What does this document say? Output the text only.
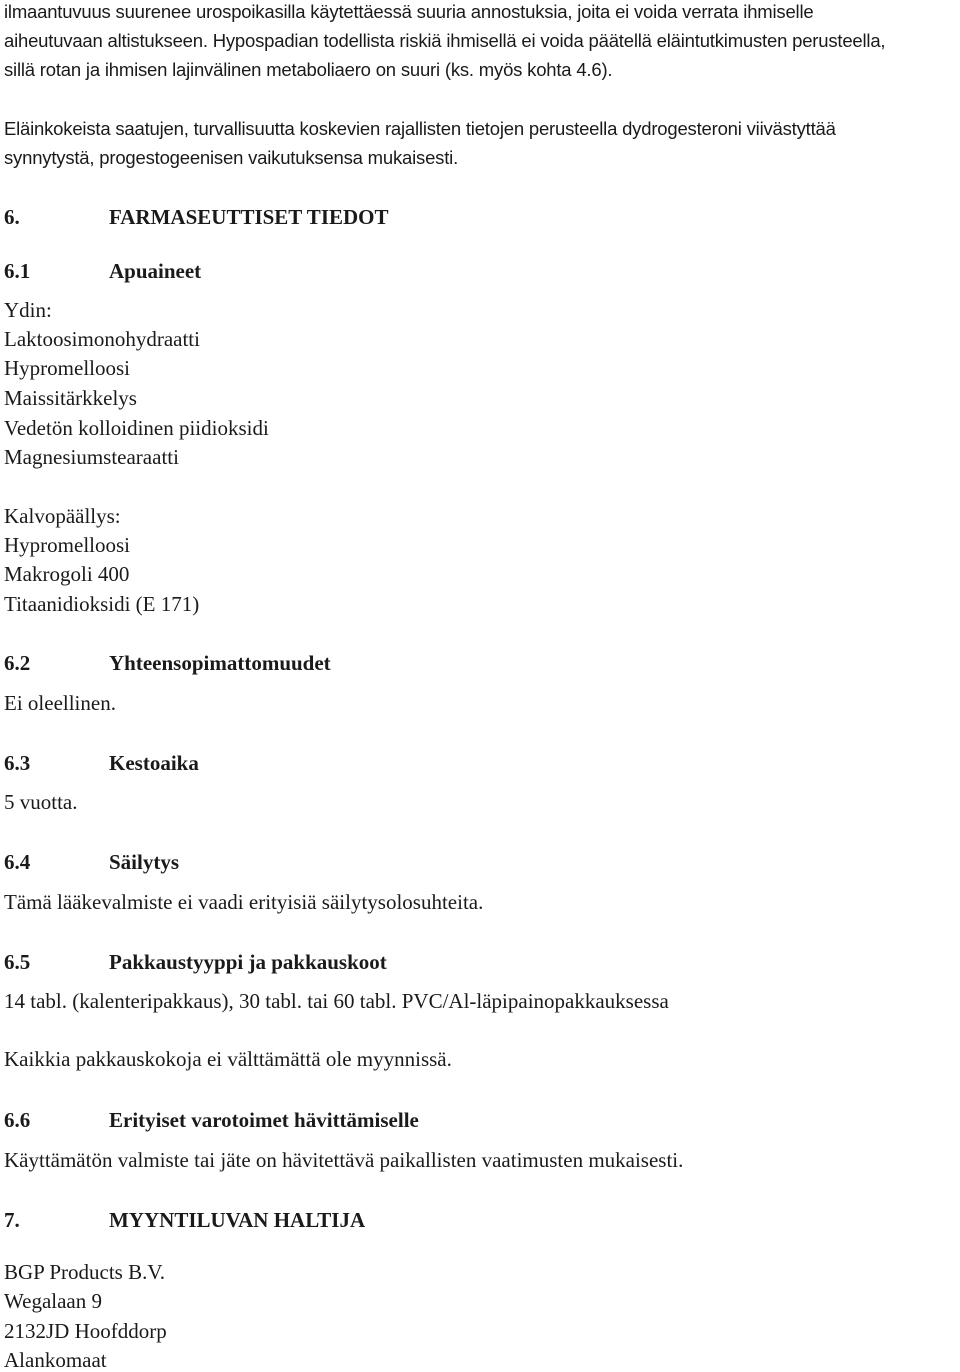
ilmaantuvuus suurenee urospoikasilla käytettäessä suuria annostuksia, joita ei voida verrata ihmiselle
aiheutuvaan altistukseen. Hypospadian todellista riskiä ihmisellä ei voida päätellä eläintutkimusten perusteella,
sillä rotan ja ihmisen lajinvälinen metaboliaero on suuri (ks. myös kohta 4.6).
Eläinkokeista saatujen, turvallisuutta koskevien rajallisten tietojen perusteella dydrogesteroni viivästyttää
synnytystä, progestogeenisen vaikutuksensa mukaisesti.
6.	FARMASEUTTISET TIEDOT
6.1	Apuaineet
Ydin:
Laktoosimonohydraatti
Hypromelloosi
Maissitärkkelys
Vedetön kolloidinen piidioksidi
Magnesiumstearaatti
Kalvopäällys:
Hypromelloosi
Makrogoli 400
Titaanidioksidi (E 171)
6.2	Yhteensopimattomuudet
Ei oleellinen.
6.3	Kestoaika
5 vuotta.
6.4	Säilytys
Tämä lääkevalmiste ei vaadi erityisiä säilytysolosuhteita.
6.5	Pakkaustyyppi ja pakkauskoot
14 tabl. (kalenteripakkaus), 30 tabl. tai 60 tabl. PVC/Al-läpipainopakkauksessa
Kaikkia pakkauskokoja ei välttämättä ole myynnissä.
6.6	Erityiset varotoimet hävittämiselle
Käyttämätön valmiste tai jäte on hävitettävä paikallisten vaatimusten mukaisesti.
7.	MYYNTILUVAN HALTIJA
BGP Products B.V.
Wegalaan 9
2132JD Hoofddorp
Alankomaat
